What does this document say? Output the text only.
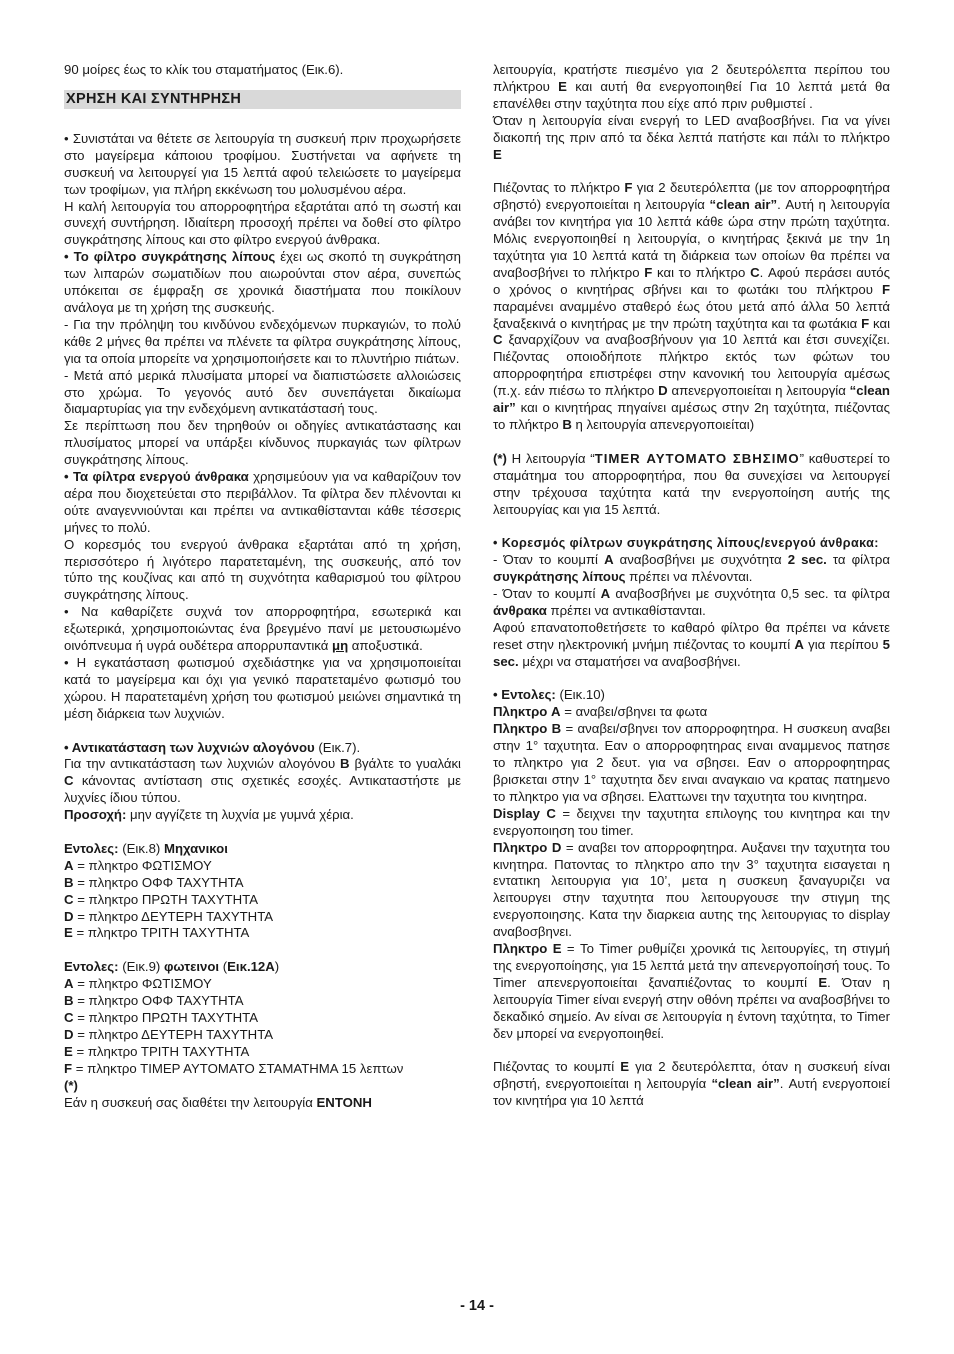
90 μοίρες έως το κλίκ του σταματήματος (Εικ.6).

ΧΡΗΣΗ ΚΑΙ ΣΥΝΤΗΡΗΣΗ

• Συνιστάται να θέτετε σε λειτουργία τη συσκευή πριν προχωρήσετε στο μαγείρεμα κάποιου τροφίμου. Συστήνεται να αφήνετε τη συσκευή να λειτουργεί για 15 λεπτά αφού τελειώσετε το μαγείρεμα των τροφίμων, για πλήρη εκκένωση του μολυσμένου αέρα.

Η καλή λειτουργία του απορροφητήρα εξαρτάται από τη σωστή και συνεχή συντήρηση. Ιδιαίτερη προσοχή πρέπει να δοθεί στο φίλτρο συγκράτησης λίπους και στο φίλτρο ενεργού άνθρακα.

• Το φίλτρο συγκράτησης λίπους έχει ως σκοπό τη συγκράτηση των λιπαρών σωματιδίων που αιωρούνται στον αέρα, συνεπώς υπόκειται σε έμφραξη σε χρονικά διαστήματα που ποικίλουν ανάλογα με τη χρήση της συσκευής.

- Για την πρόληψη του κινδύνου ενδεχόμενων πυρκαγιών, το πολύ κάθε 2 μήνες θα πρέπει να πλένετε τα φίλτρα συγκράτησης λίπους, για τα οποία μπορείτε να χρησιμοποιήσετε και το πλυντήριο πιάτων.

- Μετά από μερικά πλυσίματα μπορεί να διαπιστώσετε αλλοιώσεις στο χρώμα. Το γεγονός αυτό δεν συνεπάγεται δικαίωμα διαμαρτυρίας για την ενδεχόμενη αντικατάστασή τους.

Σε περίπτωση που δεν τηρηθούν οι οδηγίες αντικατάστασης και πλυσίματος μπορεί να υπάρξει κίνδυνος πυρκαγιάς των φίλτρων συγκράτησης λίπους.

• Τα φίλτρα ενεργού άνθρακα χρησιμεύουν για να καθαρίζουν τον αέρα που διοχετεύεται στο περιβάλλον. Τα φίλτρα δεν πλένονται κι ούτε αναγεννιούνται και πρέπει να αντικαθίστανται κάθε τέσσερις μήνες το πολύ.

Ο κορεσμός του ενεργού άνθρακα εξαρτάται από τη χρήση, περισσότερο ή λιγότερο παρατεταμένη, της συσκευής, από τον τύπο της κουζίνας και από τη συχνότητα καθαρισμού του φίλτρου συγκράτησης λίπους.

• Να καθαρίζετε συχνά τον απορροφητήρα, εσωτερικά και εξωτερικά, χρησιμοποιώντας ένα βρεγμένο πανί με μετουσιωμένο οινόπνευμα ή υγρά ουδέτερα απορρυπαντικά μη αποξυστικά.

• Η εγκατάσταση φωτισμού σχεδιάστηκε για να χρησιμοποιείται κατά το μαγείρεμα και όχι για γενικό παρατεταμένο φωτισμό του χώρου. Η παρατεταμένη χρήση του φωτισμού μειώνει σημαντικά τη μέση διάρκεια των λυχνιών.

• Αντικατάσταση των λυχνιών αλογόνου (Εικ.7).

Για την αντικατάσταση των λυχνιών αλογόνου B βγάλτε το γυαλάκι C κάνοντας αντίσταση στις σχετικές εσοχές. Αντικαταστήστε με λυχνίες ίδιου τύπου.

Προσοχή: μην αγγίζετε τη λυχνία με γυμνά χέρια.

Εντολες: (Εικ.8) Μηχανικοι

A = πληκτρο ΦΩΤΙΣΜΟΥ

B = πληκτρο ΟΦΦ ΤΑΧΥΤΗΤΑ

C = πληκτρο ΠΡΩΤΗ ΤΑΧΥΤΗΤΑ

D = πληκτρο ΔΕΥΤΕΡΗ ΤΑΧΥΤΗΤΑ

E = πληκτρο ΤΡΙΤΗ ΤΑΧΥΤΗΤΑ

Εντολες: (Εικ.9) φωτεινοι (Εικ.12A)

A = πληκτρο ΦΩΤΙΣΜΟΥ

B = πληκτρο ΟΦΦ ΤΑΧΥΤΗΤΑ

C = πληκτρο ΠΡΩΤΗ ΤΑΧΥΤΗΤΑ

D = πληκτρο ΔΕΥΤΕΡΗ ΤΑΧΥΤΗΤΑ

E = πληκτρο ΤΡΙΤΗ ΤΑΧΥΤΗΤΑ

F = πληκτρο ΤΙΜΕΡ ΑΥΤΟΜΑΤΟ ΣΤΑΜΑΤΗΜΑ 15 λεπτων

(*)

Εάν η συσκευή σας διαθέτει την λειτουργία ΕΝΤΟΝΗ

λειτουργία, κρατήστε πιεσμένο για 2 δευτερόλεπτα περίπου του πλήκτρου E και αυτή θα ενεργοποιηθεί Για 10 λεπτά μετά θα επανέλθει στην ταχύτητα που είχε από πριν ρυθμιστεί .

Όταν η λειτουργία είναι ενεργή το LED αναβοσβήνει. Για να γίνει διακοπή της πριν από τα δέκα λεπτά πατήστε και πάλι το πλήκτρο E

Πιέζοντας το πλήκτρο F για 2 δευτερόλεπτα (με τον απορροφητήρα σβηστό) ενεργοποιείται η λειτουργία “clean air”. Αυτή η λειτουργία ανάβει τον κινητήρα για 10 λεπτά κάθε ώρα στην πρώτη ταχύτητα. Μόλις ενεργοποιηθεί η λειτουργία, ο κινητήρας ξεκινά με την 1η ταχύτητα για 10 λεπτά κατά τη διάρκεια των οποίων θα πρέπει να αναβοσβήνει το πλήκτρο F και το πλήκτρο C. Αφού περάσει αυτός ο χρόνος ο κινητήρας σβήνει και το φωτάκι του πλήκτρου F παραμένει αναμμένο σταθερό έως ότου μετά από άλλα 50 λεπτά ξαναξεκινά ο κινητήρας με την πρώτη ταχύτητα και τα φωτάκια F και C ξαναρχίζουν να αναβοσβήνουν για 10 λεπτά και έτσι συνεχίζει. Πιέζοντας οποιοδήποτε πλήκτρο εκτός των φώτων του απορροφητήρα επιστρέφει στην κανονική του λειτουργία αμέσως (π.χ. εάν πιέσω το πλήκτρο D απενεργοποιείται η λειτουργία “clean air” και ο κινητήρας πηγαίνει αμέσως στην 2η ταχύτητα, πιέζοντας το πλήκτρο B η λειτουργία απενεργοποιείται)

(*) Η λειτουργία “TIMER ΑΥΤΟΜΑΤΟ ΣΒΗΣΙΜΟ” καθυστερεί το σταμάτημα του απορροφητήρα, που θα συνεχίσει να λειτουργεί στην τρέχουσα ταχύτητα κατά την ενεργοποίηση αυτής της λειτουργίας και για 15 λεπτά.

• Κορεσμός φίλτρων συγκράτησης λίπους/ενεργού άνθρακα:

- Όταν το κουμπί A αναβοσβήνει με συχνότητα 2 sec. τα φίλτρα συγκράτησης λίπους πρέπει να πλένονται.

- Όταν το κουμπί A αναβοσβήνει με συχνότητα 0,5 sec. τα φίλτρα άνθρακα πρέπει να αντικαθίστανται.

Αφού επανατοποθετήσετε το καθαρό φίλτρο θα πρέπει να κάνετε reset στην ηλεκτρονική μνήμη πιέζοντας το κουμπί A για περίπου 5 sec. μέχρι να σταματήσει να αναβοσβήνει.

• Εντολες: (Εικ.10)

Πληκτρο A = αναβει/σβηνει τα φωτα

Πληκτρο B = αναβει/σβηνει τον απορροφητηρα. Η συσκευη αναβει στην 1° ταχυτητα. Εαν ο απορροφητηρας ειναι αναμμενος πατησε το πληκτρο για 2 δευτ. για να σβησει. Εαν ο απορροφητηρας βρισκεται στην 1° ταχυτητα δεν ειναι αναγκαιο να κρατας πατημενο το πληκτρο για να σβησει. Ελαττωνει την ταχυτητα του κινητηρα.

Display C = δειχνει την ταχυτητα επιλογης του κινητηρα και την ενεργοποιηση του timer.

Πληκτρο D = αναβει τον απορροφητηρα. Αυξανει την ταχυτητα του κινητηρα. Πατοντας το πληκτρο απο την 3° ταχυτητα εισαγεται η εντατικη λειτουργια για 10’, μετα η συσκευη ξαναγυριζει να λειτουργει στην ταχυτητα που λειτουργουσε την στιγμη της ενεργοποιησης. Κατα την διαρκεια αυτης της λειτουργιας το display αναβοσβηνει.

Πληκτρο E = Το Timer ρυθμίζει χρονικά τις λειτουργίες, τη στιγμή της ενεργοποίησης, για 15 λεπτά μετά την απενεργοποίησή τους. Το Timer απενεργοποιείται ξαναπιέζοντας το κουμπί E. Όταν η λειτουργία Timer είναι ενεργή στην οθόνη πρέπει να αναβοσβήνει το δεκαδικό σημείο. Αν είναι σε λειτουργία η έντονη ταχύτητα, το Timer δεν μπορεί να ενεργοποιηθεί.

Πιέζοντας το κουμπί E για 2 δευτερόλεπτα, όταν η συσκευή είναι σβηστή, ενεργοποιείται η λειτουργία “clean air”. Αυτή ενεργοποιεί τον κινητήρα για 10 λεπτά

- 14 -
